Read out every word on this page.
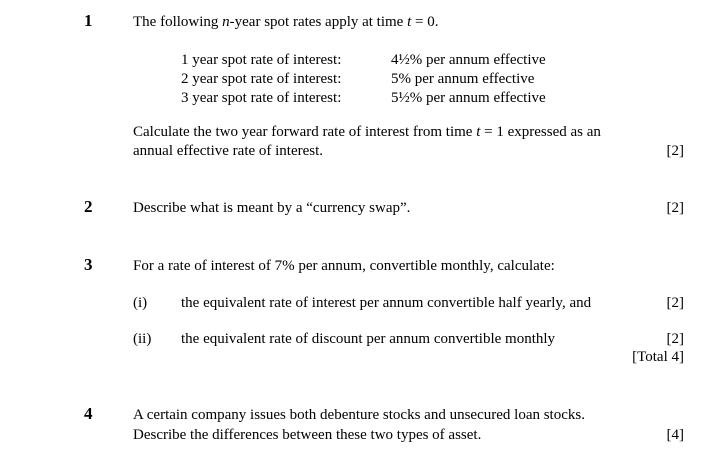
1	The following n-year spot rates apply at time t = 0.
1 year spot rate of interest:	4½% per annum effective
2 year spot rate of interest:	5% per annum effective
3 year spot rate of interest:	5½% per annum effective
Calculate the two year forward rate of interest from time t = 1 expressed as an
annual effective rate of interest.	[2]
2	Describe what is meant by a “currency swap”.	[2]
3	For a rate of interest of 7% per annum, convertible monthly, calculate:
(i) the equivalent rate of interest per annum convertible half yearly, and	[2]
(ii) the equivalent rate of discount per annum convertible monthly	[2]
[Total 4]
4	A certain company issues both debenture stocks and unsecured loan stocks.
Describe the differences between these two types of asset.	[4]
